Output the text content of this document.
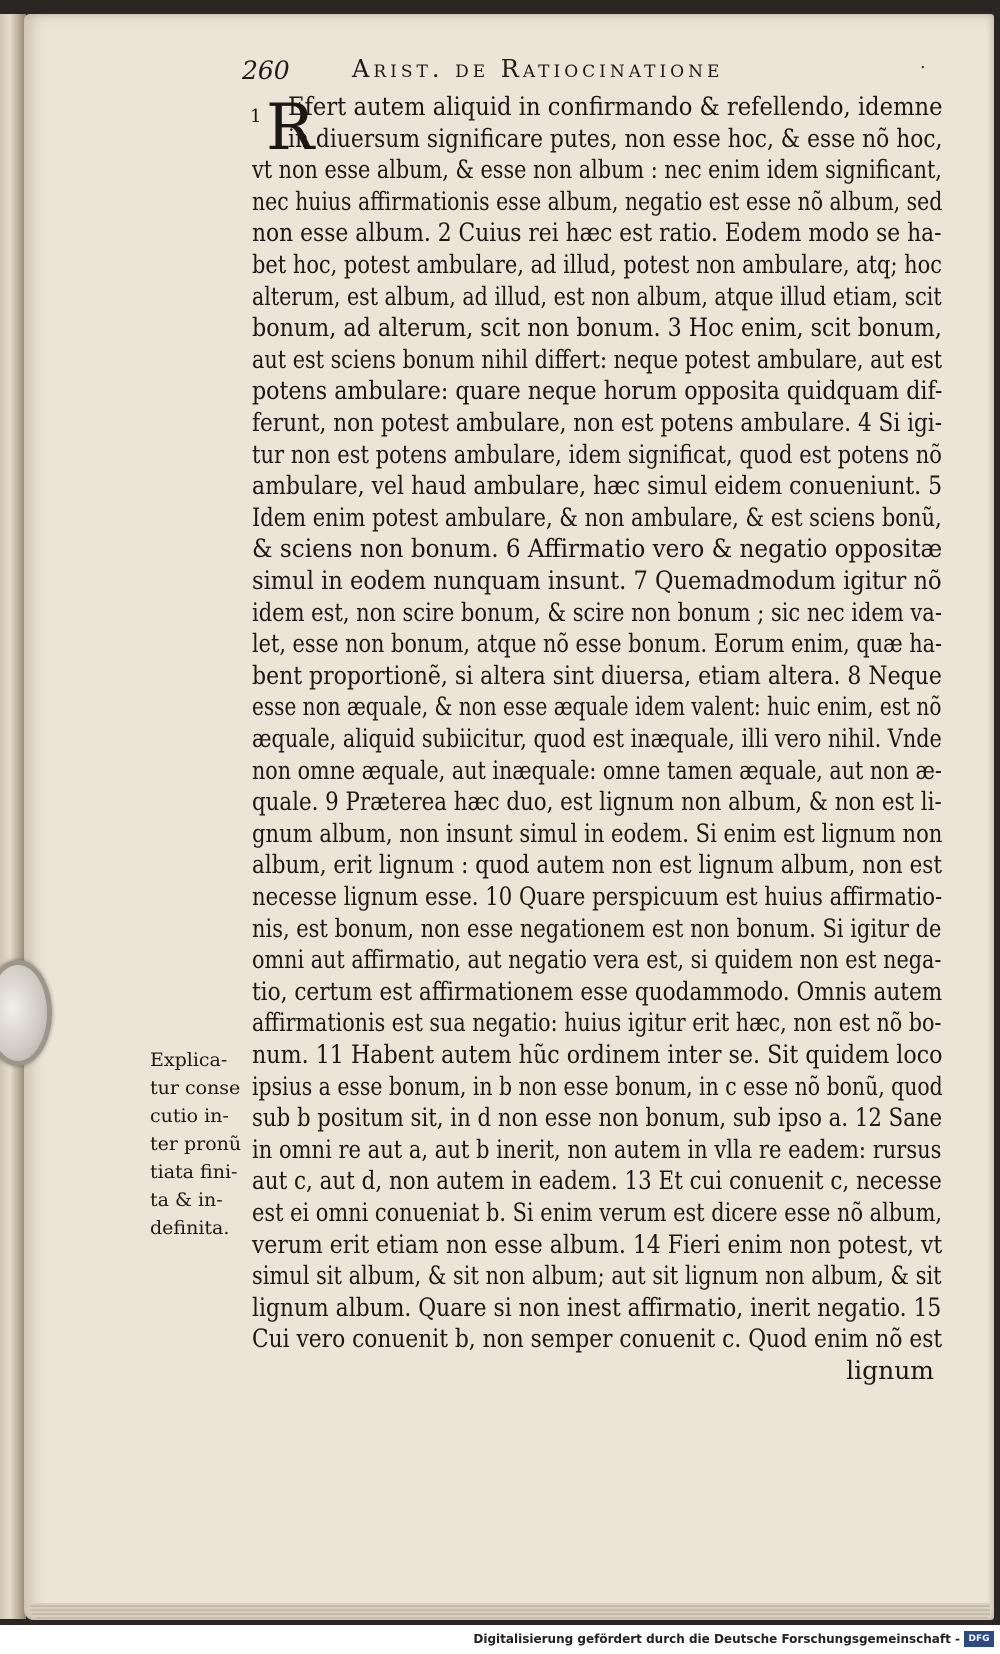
260	Arist. de Ratiocinatione	.
1 R
Efert autem aliquid in confirmando & refellendo, idemne
in diuersum significare putes, non esse hoc, & esse nõ hoc,
vt non esse album, & esse non album : nec enim idem significant,
nec huius affirmationis esse album, negatio est esse nõ album, sed
non esse album. 2 Cuius rei hæc est ratio. Eodem modo se ha-
bet hoc, potest ambulare, ad illud, potest non ambulare, atq; hoc
alterum, est album, ad illud, est non album, atque illud etiam, scit
bonum, ad alterum, scit non bonum. 3 Hoc enim, scit bonum,
aut est sciens bonum nihil differt: neque potest ambulare, aut est
potens ambulare: quare neque horum opposita quidquam dif-
ferunt, non potest ambulare, non est potens ambulare. 4 Si igi-
tur non est potens ambulare, idem significat, quod est potens nõ
ambulare, vel haud ambulare, hæc simul eidem conueniunt. 5
Idem enim potest ambulare, & non ambulare, & est sciens bonũ,
& sciens non bonum. 6 Affirmatio vero & negatio oppositæ
simul in eodem nunquam insunt. 7 Quemadmodum igitur nõ
idem est, non scire bonum, & scire non bonum ; sic nec idem va-
let, esse non bonum, atque nõ esse bonum. Eorum enim, quæ ha-
bent proportionẽ, si altera sint diuersa, etiam altera. 8 Neque
esse non æquale, & non esse æquale idem valent: huic enim, est nõ
æquale, aliquid subiicitur, quod est inæquale, illi vero nihil. Vnde
non omne æquale, aut inæquale: omne tamen æquale, aut non æ-
quale. 9 Præterea hæc duo, est lignum non album, & non est li-
gnum album, non insunt simul in eodem. Si enim est lignum non
album, erit lignum : quod autem non est lignum album, non est
necesse lignum esse. 10 Quare perspicuum est huius affirmatio-
nis, est bonum, non esse negationem est non bonum. Si igitur de
omni aut affirmatio, aut negatio vera est, si quidem non est nega-
tio, certum est affirmationem esse quodammodo. Omnis autem
affirmationis est sua negatio: huius igitur erit hæc, non est nõ bo-
num. 11 Habent autem hũc ordinem inter se. Sit quidem loco
ipsius a esse bonum, in b non esse bonum, in c esse nõ bonũ, quod
sub b positum sit, in d non esse non bonum, sub ipso a. 12 Sane
in omni re aut a, aut b inerit, non autem in vlla re eadem: rursus
aut c, aut d, non autem in eadem. 13 Et cui conuenit c, necesse
est ei omni conueniat b. Si enim verum est dicere esse nõ album,
verum erit etiam non esse album. 14 Fieri enim non potest, vt
simul sit album, & sit non album; aut sit lignum non album, & sit
lignum album. Quare si non inest affirmatio, inerit negatio. 15
Cui vero conuenit b, non semper conuenit c. Quod enim nõ est
lignum
Explica-
tur conse
cutio in-
ter pronũ
tiata fini-
ta & in-
definita.
Digitalisierung gefördert durch die Deutsche Forschungsgemeinschaft - DFG
